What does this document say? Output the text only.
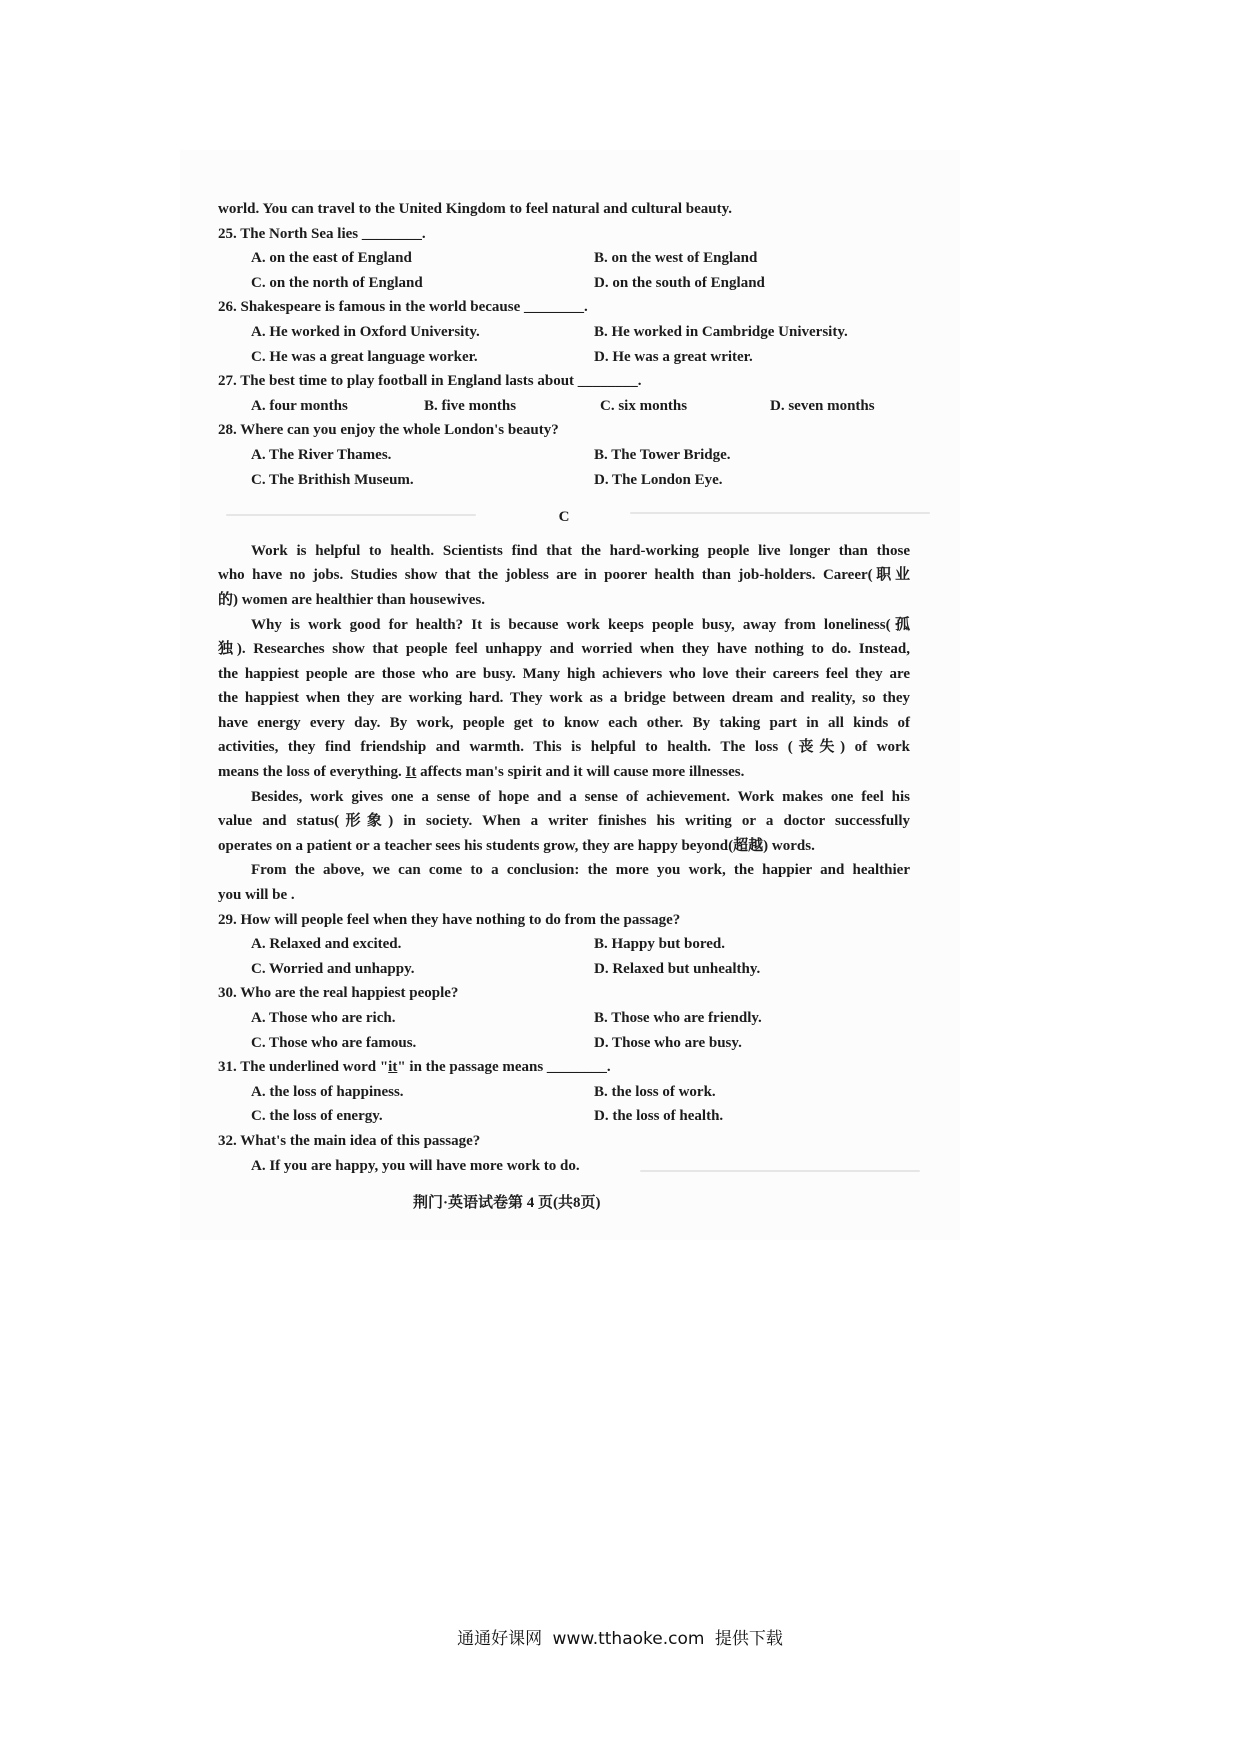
world. You can travel to the United Kingdom to feel natural and cultural beauty.
25. The North Sea lies ________.
A. on the east of England	B. on the west of England
C. on the north of England	D. on the south of England
26. Shakespeare is famous in the world because ________.
A. He worked in Oxford University.	B. He worked in Cambridge University.
C. He was a great language worker.	D. He was a great writer.
27. The best time to play football in England lasts about ________.
A. four months	B. five months	C. six months	D. seven months
28. Where can you enjoy the whole London's beauty?
A. The River Thames.	B. The Tower Bridge.
C. The Brithish Museum.	D. The London Eye.
C
Work is helpful to health. Scientists find that the hard-working people live longer than those
who have no jobs. Studies show that the jobless are in poorer health than job-holders. Career(职业
的) women are healthier than housewives.
Why is work good for health? It is because work keeps people busy, away from loneliness(孤
独). Researches show that people feel unhappy and worried when they have nothing to do. Instead,
the happiest people are those who are busy. Many high achievers who love their careers feel they are
the happiest when they are working hard. They work as a bridge between dream and reality, so they
have energy every day. By work, people get to know each other. By taking part in all kinds of
activities, they find friendship and warmth. This is helpful to health. The loss (丧失) of work
means the loss of everything. It affects man's spirit and it will cause more illnesses.
Besides, work gives one a sense of hope and a sense of achievement. Work makes one feel his
value and status(形象) in society. When a writer finishes his writing or a doctor successfully
operates on a patient or a teacher sees his students grow, they are happy beyond(超越) words.
From the above, we can come to a conclusion: the more you work, the happier and healthier
you will be .
29. How will people feel when they have nothing to do from the passage?
A. Relaxed and excited.	B. Happy but bored.
C. Worried and unhappy.	D. Relaxed but unhealthy.
30. Who are the real happiest people?
A. Those who are rich.	B. Those who are friendly.
C. Those who are famous.	D. Those who are busy.
31. The underlined word "it" in the passage means ________.
A. the loss of happiness.	B. the loss of work.
C. the loss of energy.	D. the loss of health.
32. What's the main idea of this passage?
A. If you are happy, you will have more work to do.
荆门·英语试卷第 4 页(共8页)
通通好课网 www.tthaoke.com 提供下载
